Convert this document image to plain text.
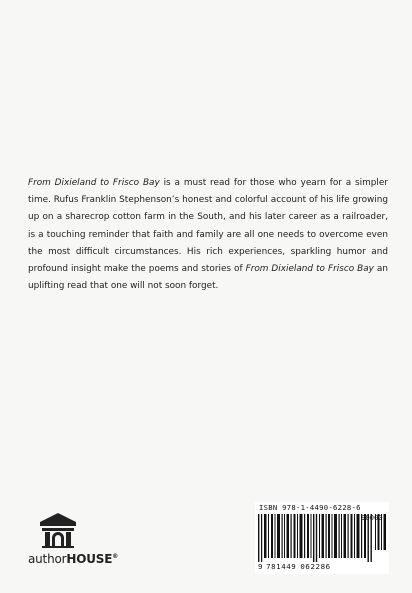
From Dixieland to Frisco Bay is a must read for those who yearn for a simpler time. Rufus Franklin Stephenson’s honest and colorful account of his life growing up on a sharecrop cotton farm in the South, and his later career as a railroader, is a touching reminder that faith and family are all one needs to overcome even the most difficult circumstances. His rich experiences, sparkling humor and profound insight make the poems and stories of From Dixieland to Frisco Bay an uplifting read that one will not soon forget.
authorHOUSE®
ISBN 978-1-4490-6228-6
9 781449 062286
90000
